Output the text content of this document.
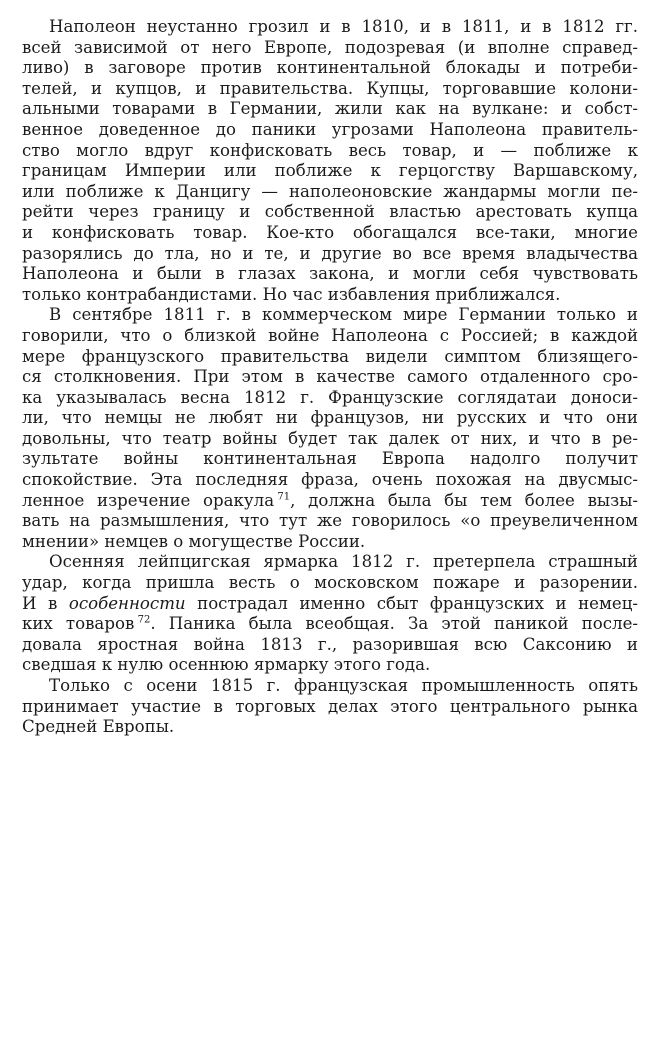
Наполеон неустанно грозил и в 1810, и в 1811, и в 1812 гг.
всей зависимой от него Европе, подозревая (и вполне справед-
ливо) в заговоре против континентальной блокады и потреби-
телей, и купцов, и правительства. Купцы, торговавшие колони-
альными товарами в Германии, жили как на вулкане: и собст-
венное доведенное до паники угрозами Наполеона правитель-
ство могло вдруг конфисковать весь товар, и — поближе к
границам Империи или поближе к герцогству Варшавскому,
или поближе к Данцигу — наполеоновские жандармы могли пе-
рейти через границу и собственной властью арестовать купца
и конфисковать товар. Кое-кто обогащался все-таки, многие
разорялись до тла, но и те, и другие во все время владычества
Наполеона и были в глазах закона, и могли себя чувствовать
только контрабандистами. Но час избавления приближался.
В сентябре 1811 г. в коммерческом мире Германии только и
говорили, что о близкой войне Наполеона с Россией; в каждой
мере французского правительства видели симптом близящего-
ся столкновения. При этом в качестве самого отдаленного сро-
ка указывалась весна 1812 г. Французские соглядатаи доноси-
ли, что немцы не любят ни французов, ни русских и что они
довольны, что театр войны будет так далек от них, и что в ре-
зультате войны континентальная Европа надолго получит
спокойствие. Эта последняя фраза, очень похожая на двусмыс-
ленное изречение оракула  $^{71}$, должна была бы тем более вызы-
вать на размышления, что тут же говорилось «о преувеличенном
мнении» немцев о могуществе России.
Осенняя лейпцигская ярмарка 1812 г. претерпела страшный
удар, когда пришла весть о московском пожаре и разорении.
И в особенности пострадал именно сбыт французских и немец-
ких товаров  $^{72}$. Паника была всеобщая. За этой паникой после-
довала яростная война 1813 г., разорившая всю Саксонию и
сведшая к нулю осеннюю ярмарку этого года.
Только с осени 1815 г. французская промышленность опять
принимает участие в торговых делах этого центрального рынка
Средней Европы.
